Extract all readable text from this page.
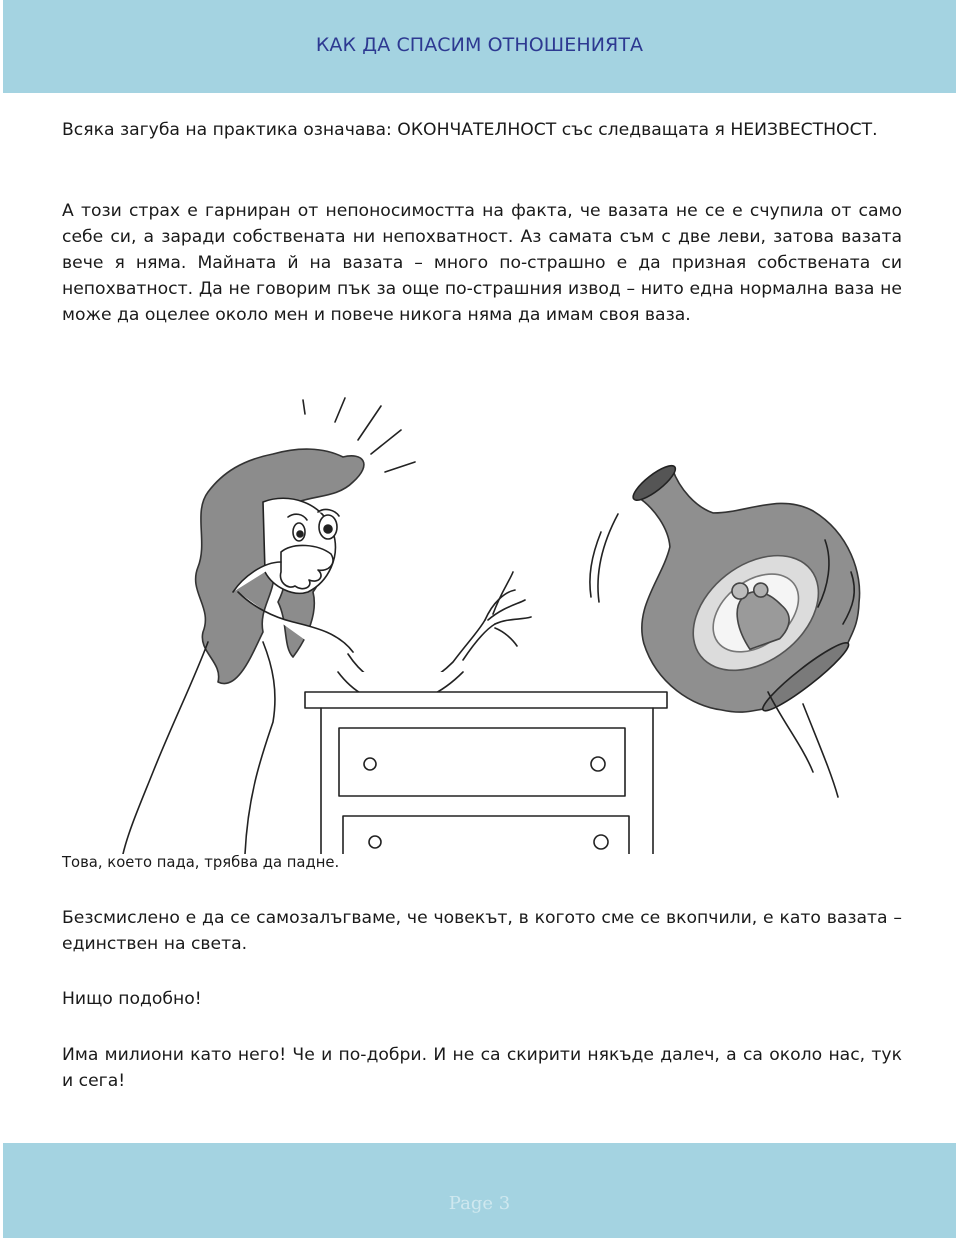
КАК ДА СПАСИМ ОТНОШЕНИЯТА

Всяка загуба на практика означава: ОКОНЧАТЕЛНОСТ със следващата я НЕИЗВЕСТНОСТ.

А този страх е гарниран от непоносимостта на факта, че вазата не се е счупила от само себе си, а заради собствената ни непохватност. Аз самата съм с две леви, затова вазата вече я няма. Майната й на вазата – много по-страшно е да призная собствената си непохватност. Да не говорим пък за още по-страшния извод – нито една нормална ваза не може да оцелее около мен и повече никога няма да имам своя ваза.

Това, което пада, трябва да падне.

Безсмислено е да се самозалъгваме, че човекът, в когото сме се вкопчили, е като вазата – единствен на света.

Нищо подобно!

Има милиони като него! Че и по-добри. И не са скирити някъде далеч, а са около нас, тук и сега!

Page 3
